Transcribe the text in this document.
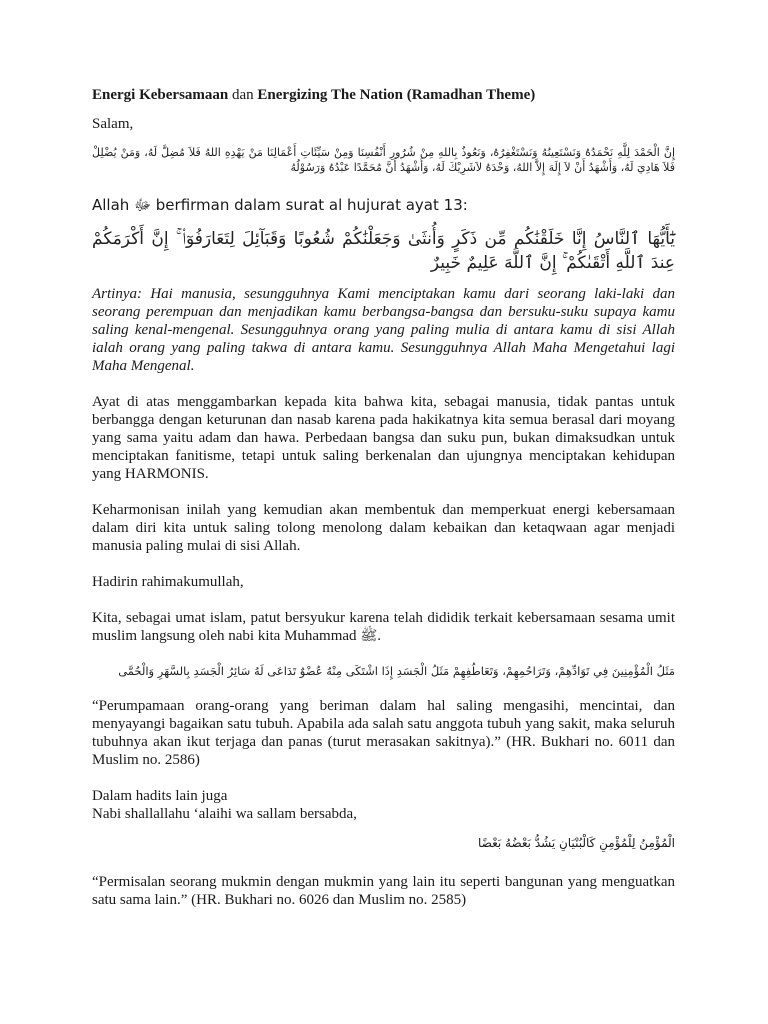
Energi Kebersamaan dan Energizing The Nation (Ramadhan Theme)

Salam,

إِنَّ الْحَمْدَ لِلَّهِ نَحْمَدُهُ وَنَسْتَعِينُهُ وَنَسْتَغْفِرُهُ، وَنَعُوذُ بِاللهِ مِنْ شُرُورِ أَنْفُسِنَا وَمِنْ سَيِّئَاتِ أَعْمَالِنَا مَنْ يَهْدِهِ اللهُ فَلاَ مُضِلَّ لَهُ، وَمَنْ يُضْلِلْ فَلاَ هَادِيَ لَهُ، وَأَشْهَدُ أَنْ لاَ إِلَهَ إِلاَّ اللهُ، وَحْدَهُ لاَشَرِيْكَ لَهُ، وَأَشْهَدُ أَنَّ مُحَمَّدًا عَبْدُهُ وَرَسُوْلُهُ

Allah ﷻ berfirman dalam surat al hujurat ayat 13:

يَٰٓأَيُّهَا ٱلنَّاسُ إِنَّا خَلَقْنَٰكُم مِّن ذَكَرٍ وَأُنثَىٰ وَجَعَلْنَٰكُمْ شُعُوبًا وَقَبَآئِلَ لِتَعَارَفُوٓا۟ ۚ إِنَّ أَكْرَمَكُمْ عِندَ ٱللَّهِ أَتْقَىٰكُمْ ۚ إِنَّ ٱللَّهَ عَلِيمٌ خَبِيرٌ

Artinya: Hai manusia, sesungguhnya Kami menciptakan kamu dari seorang laki-laki dan seorang perempuan dan menjadikan kamu berbangsa-bangsa dan bersuku-suku supaya kamu saling kenal-mengenal. Sesungguhnya orang yang paling mulia di antara kamu di sisi Allah ialah orang yang paling takwa di antara kamu. Sesungguhnya Allah Maha Mengetahui lagi Maha Mengenal.

Ayat di atas menggambarkan kepada kita bahwa kita, sebagai manusia, tidak pantas untuk berbangga dengan keturunan dan nasab karena pada hakikatnya kita semua berasal dari moyang yang sama yaitu adam dan hawa. Perbedaan bangsa dan suku pun, bukan dimaksudkan untuk menciptakan fanitisme, tetapi untuk saling berkenalan dan ujungnya menciptakan kehidupan yang HARMONIS.

Keharmonisan inilah yang kemudian akan membentuk dan memperkuat energi kebersamaan dalam diri kita untuk saling tolong menolong dalam kebaikan dan ketaqwaan agar menjadi manusia paling mulai di sisi Allah.

Hadirin rahimakumullah,

Kita, sebagai umat islam, patut bersyukur karena telah dididik terkait kebersamaan sesama umit muslim langsung oleh nabi kita Muhammad ﷺ.

مَثَلُ الْمُؤْمِنِينَ فِي تَوَادِّهِمْ، وَتَرَاحُمِهِمْ، وَتَعَاطُفِهِمْ مَثَلُ الْجَسَدِ إِذَا اشْتَكَى مِنْهُ عُضْوٌ تَدَاعَى لَهُ سَائِرُ الْجَسَدِ بِالسَّهَرِ وَالْحُمَّى

“Perumpamaan orang-orang yang beriman dalam hal saling mengasihi, mencintai, dan menyayangi bagaikan satu tubuh. Apabila ada salah satu anggota tubuh yang sakit, maka seluruh tubuhnya akan ikut terjaga dan panas (turut merasakan sakitnya).” (HR. Bukhari no. 6011 dan Muslim no. 2586)

Dalam hadits lain juga

Nabi shallallahu ‘alaihi wa sallam bersabda,

الْمُؤْمِنُ لِلْمُؤْمِنِ كَالْبُنْيَانِ يَشُدُّ بَعْضُهُ بَعْضًا

“Permisalan seorang mukmin dengan mukmin yang lain itu seperti bangunan yang menguatkan satu sama lain.” (HR. Bukhari no. 6026 dan Muslim no. 2585)
